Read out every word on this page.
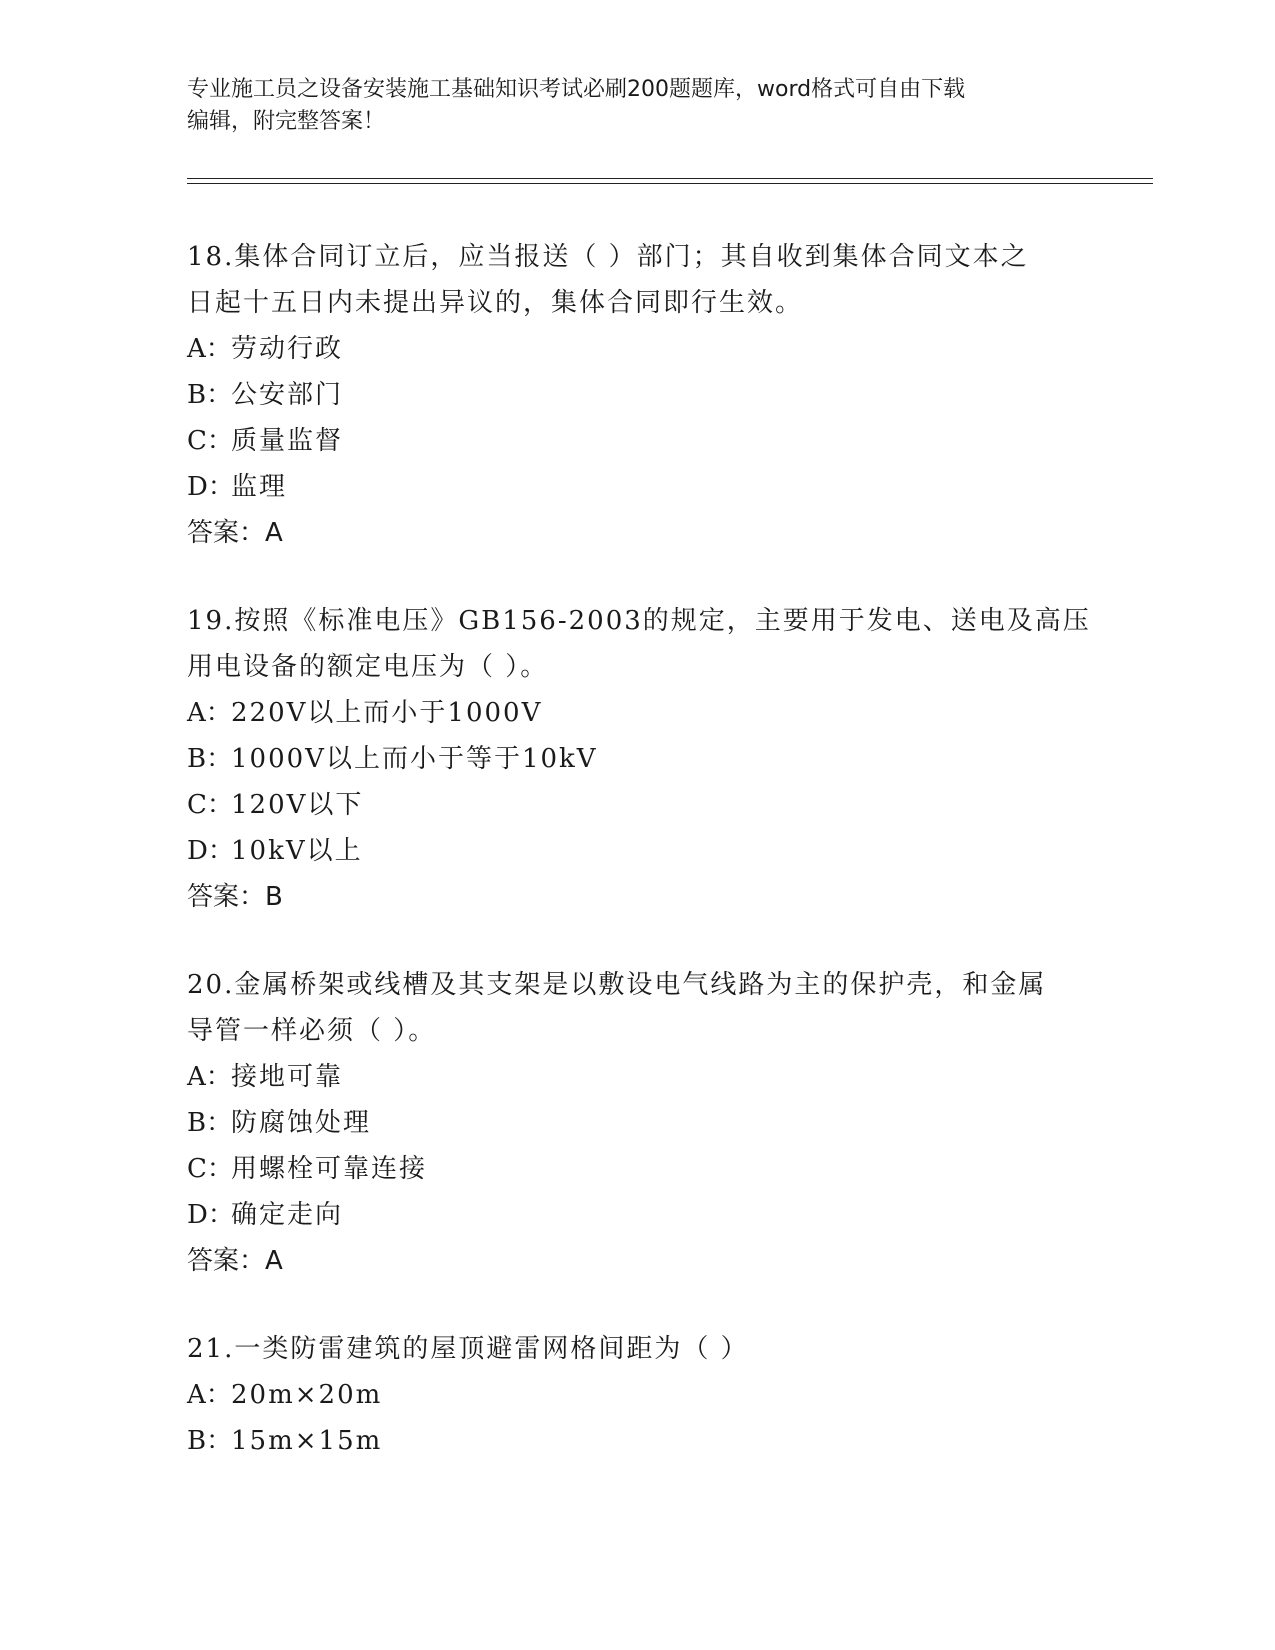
专业施工员之设备安装施工基础知识考试必刷200题题库，word格式可自由下载
编辑，附完整答案！
18.集体合同订立后，应当报送（ ）部门；其自收到集体合同文本之
日起十五日内未提出异议的，集体合同即行生效。
A：劳动行政
B：公安部门
C：质量监督
D：监理
答案：A
19.按照《标准电压》GB156-2003的规定，主要用于发电、送电及高压
用电设备的额定电压为（ ）。
A：220V以上而小于1000V
B：1000V以上而小于等于10kV
C：120V以下
D：10kV以上
答案：B
20.金属桥架或线槽及其支架是以敷设电气线路为主的保护壳，和金属
导管一样必须（ ）。
A：接地可靠
B：防腐蚀处理
C：用螺栓可靠连接
D：确定走向
答案：A
21.一类防雷建筑的屋顶避雷网格间距为（ ）
A：20m×20m
B：15m×15m
